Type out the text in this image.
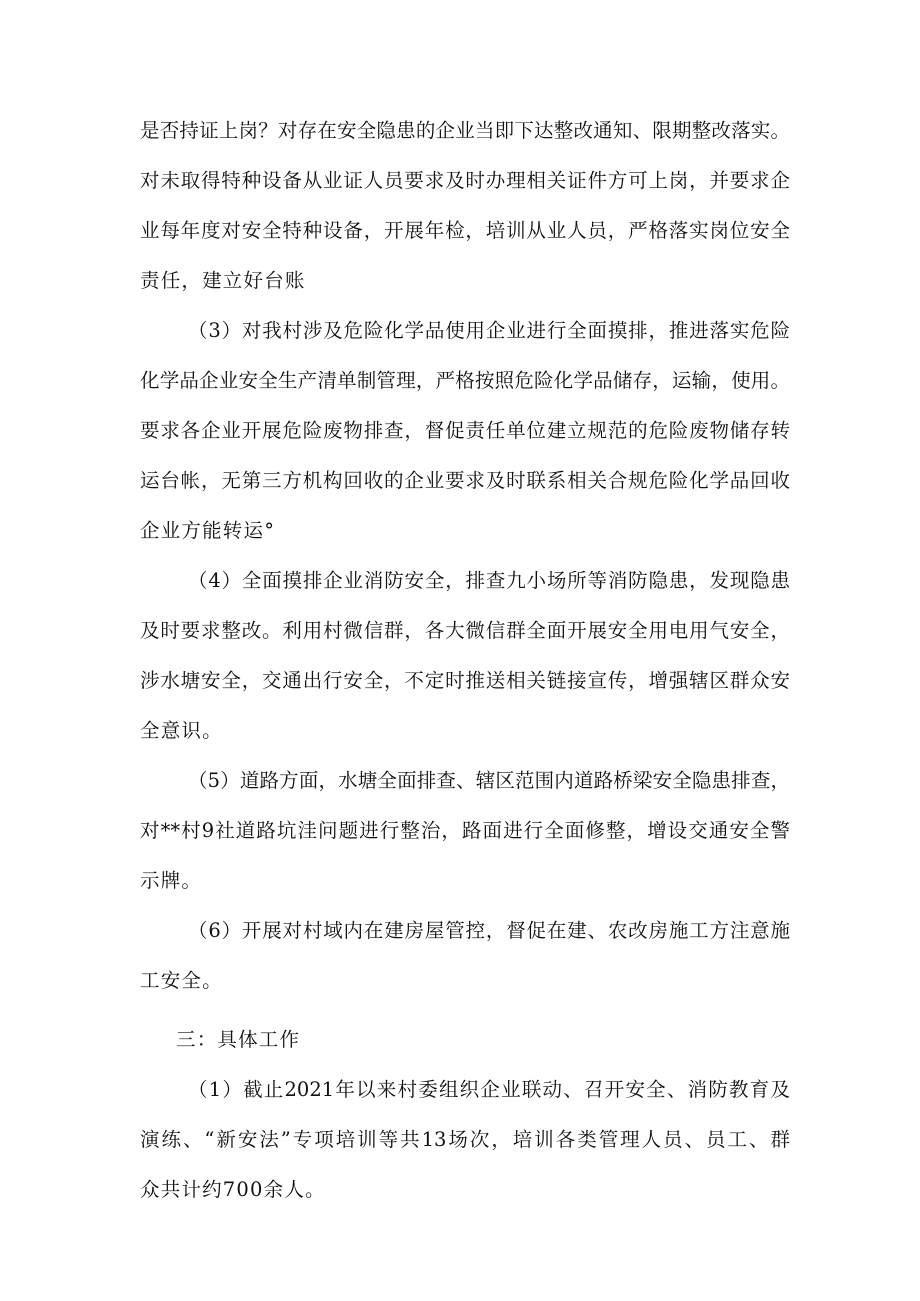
是否持证上岗？对存在安全隐患的企业当即下达整改通知、限期整改落实。
对未取得特种设备从业证人员要求及时办理相关证件方可上岗，并要求企
业每年度对安全特种设备，开展年检，培训从业人员，严格落实岗位安全
责任，建立好台账
（3）对我村涉及危险化学品使用企业进行全面摸排，推进落实危险
化学品企业安全生产清单制管理，严格按照危险化学品储存，运输，使用。
要求各企业开展危险废物排查，督促责任单位建立规范的危险废物储存转
运台帐，无第三方机构回收的企业要求及时联系相关合规危险化学品回收
企业方能转运°
（4）全面摸排企业消防安全，排查九小场所等消防隐患，发现隐患
及时要求整改。利用村微信群，各大微信群全面开展安全用电用气安全，
涉水塘安全，交通出行安全，不定时推送相关链接宣传，增强辖区群众安
全意识。
（5）道路方面，水塘全面排查、辖区范围内道路桥梁安全隐患排查，
对**村9社道路坑洼问题进行整治，路面进行全面修整，增设交通安全警
示牌。
（6）开展对村域内在建房屋管控，督促在建、农改房施工方注意施
工安全。
三：具体工作
（1）截止2021年以来村委组织企业联动、召开安全、消防教育及
演练、“新安法”专项培训等共13场次，培训各类管理人员、员工、群
众共计约700余人。
